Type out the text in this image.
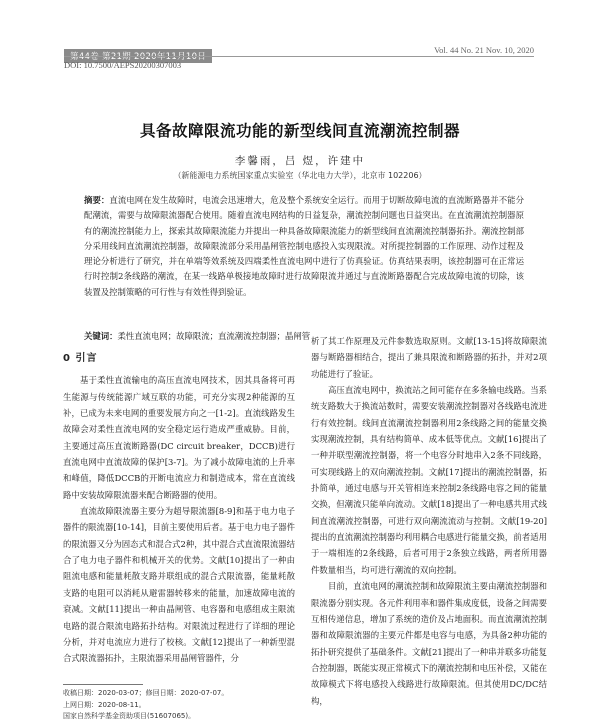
第44卷 第21期 2020年11月10日
Vol. 44 No. 21 Nov. 10, 2020
DOI: 10.7500/AEPS20200307003
具备故障限流功能的新型线间直流潮流控制器
李馨雨，吕 煜，许建中
（新能源电力系统国家重点实验室（华北电力大学），北京市 102206）
摘要：直流电网在发生故障时，电流会迅速增大，危及整个系统安全运行。而用于切断故障电流的直流断路器并不能分配潮流，需要与故障限流器配合使用。随着直流电网结构的日益复杂，潮流控制问题也日益突出。在直流潮流控制器原有的潮流控制能力上，探索其故障限流能力并提出一种具备故障限流能力的新型线间直流潮流控制器拓扑。潮流控制部分采用线间直流潮流控制器，故障限流部分采用晶闸管控制电感投入实现限流。对所提控制器的工作原理、动作过程及理论分析进行了研究，并在单端等效系统及四端柔性直流电网中进行了仿真验证。仿真结果表明，该控制器可在正常运行时控制2条线路的潮流，在某一线路单极接地故障时进行故障限流并通过与直流断路器配合完成故障电流的切除，该装置及控制策略的可行性与有效性得到验证。
关键词：柔性直流电网；故障限流；直流潮流控制器；晶闸管
0 引言

基于柔性直流输电的高压直流电网技术，因其具备将可再生能源与传统能源广域互联的功能，可充分实现2种能源的互补，已成为未来电网的重要发展方向之一[1-2]。直流线路发生故障会对柔性直流电网的安全稳定运行造成严重威胁。目前，主要通过高压直流断路器(DC circuit breaker，DCCB)进行直流电网中直流故障的保护[3-7]。为了减小故障电流的上升率和峰值，降低DCCB的开断电流应力和制造成本，常在直流线路中安装故障限流器来配合断路器的使用。

直流故障限流器主要分为超导限流器[8-9]和基于电力电子器件的限流器[10-14]，目前主要使用后者。基于电力电子器件的限流器又分为固态式和混合式2种，其中混合式直流限流器结合了电力电子器件和机械开关的优势。文献[10]提出了一种由阻流电感和能量耗散支路并联组成的混合式限流器，能量耗散支路的电阻可以消耗从避雷器转移来的能量，加速故障电流的衰减。文献[11]提出一种由晶闸管、电容器和电感组成主限流电路的混合限流电路拓扑结构。对限流过程进行了详细的理论分析，并对电流应力进行了校核。文献[12]提出了一种新型混合式限流器拓扑，主限流器采用晶闸管器件，分

析了其工作原理及元件参数选取原则。文献[13-15]将故障限流器与断路器相结合，提出了兼具限流和断路器的拓扑，并对2项功能进行了验证。

高压直流电网中，换流站之间可能存在多条输电线路。当系统支路数大于换流站数时，需要安装潮流控制器对各线路电流进行有效控制。线间直流潮流控制器利用2条线路之间的能量交换实现潮流控制，具有结构简单、成本低等优点。文献[16]提出了一种并联型潮流控制器，将一个电容分时地串入2条不同线路，可实现线路上的双向潮流控制。文献[17]提出的潮流控制器，拓扑简单，通过电感与开关管相连来控制2条线路电容之间的能量交换，但潮流只能单向流动。文献[18]提出了一种电感共用式线间直流潮流控制器，可进行双向潮流流动与控制。文献[19-20]提出的直流潮流控制器均利用耦合电感进行能量交换，前者适用于一端相连的2条线路，后者可用于2条独立线路，两者所用器件数量相当，均可进行潮流的双向控制。

目前，直流电网的潮流控制和故障限流主要由潮流控制器和限流器分别实现。各元件利用率和器件集成度低，设备之间需要互相传递信息，增加了系统的造价及占地面积。而直流潮流控制器和故障限流器的主要元件都是电容与电感，为具备2种功能的拓扑研究提供了基础条件。文献[21]提出了一种串并联多功能复合控制器，既能实现正常模式下的潮流控制和电压补偿，又能在故障模式下将电感投入线路进行故障限流。但其使用DC/DC结构，

收稿日期：2020-03-07；修回日期：2020-07-07。
上网日期：2020-08-11。
国家自然科学基金资助项目(51607065)。
